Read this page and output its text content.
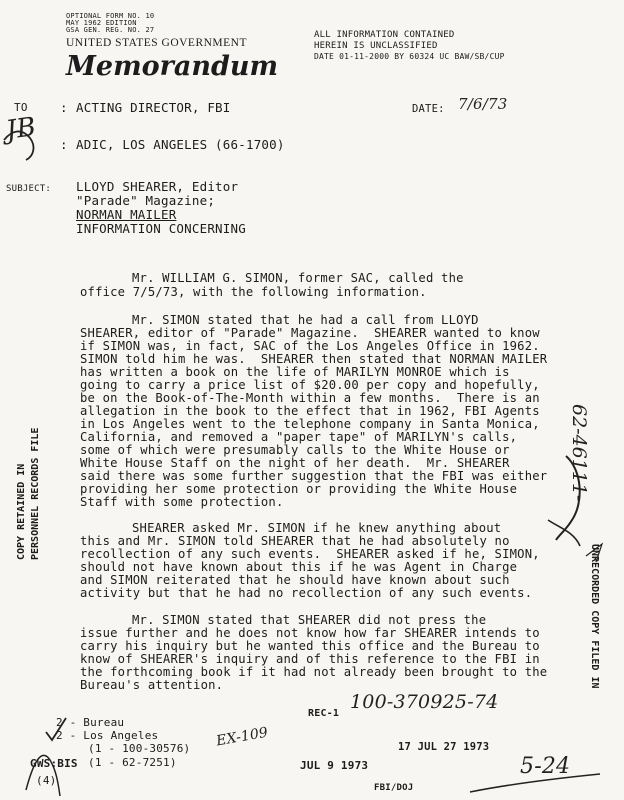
OPTIONAL FORM NO. 10
MAY 1962 EDITION
GSA GEN. REG. NO. 27
UNITED STATES GOVERNMENT
Memorandum
ALL INFORMATION CONTAINED
HEREIN IS UNCLASSIFIED
DATE 01-11-2000 BY 60324 UC BAW/SB/CUP
TO	: ACTING DIRECTOR, FBI	DATE: 7/6/73
: ADIC, LOS ANGELES (66-1700)
SUBJECT: LLOYD SHEARER, Editor
"Parade" Magazine;
NORMAN MAILER
INFORMATION CONCERNING
Mr. WILLIAM G. SIMON, former SAC, called the
office 7/5/73, with the following information.
Mr. SIMON stated that he had a call from LLOYD
SHEARER, editor of "Parade" Magazine.  SHEARER wanted to know
if SIMON was, in fact, SAC of the Los Angeles Office in 1962.
SIMON told him he was.  SHEARER then stated that NORMAN MAILER
has written a book on the life of MARILYN MONROE which is
going to carry a price list of $20.00 per copy and hopefully,
be on the Book-of-The-Month within a few months.  There is an
allegation in the book to the effect that in 1962, FBI Agents
in Los Angeles went to the telephone company in Santa Monica,
California, and removed a "paper tape" of MARILYN's calls,
some of which were presumably calls to the White House or
White House Staff on the night of her death.  Mr. SHEARER
said there was some further suggestion that the FBI was either
providing her some protection or providing the White House
Staff with some protection.
SHEARER asked Mr. SIMON if he knew anything about
this and Mr. SIMON told SHEARER that he had absolutely no
recollection of any such events.  SHEARER asked if he, SIMON,
should not have known about this if he was Agent in Charge
and SIMON reiterated that he should have known about such
activity but that he had no recollection of any such events.
Mr. SIMON stated that SHEARER did not press the
issue further and he does not know how far SHEARER intends to
carry his inquiry but he wanted this office and the Bureau to
know of SHEARER's inquiry and of this reference to the FBI in
the forthcoming book if it had not already been brought to the
Bureau's attention.
2 - Bureau
2 - Los Angeles
(1 - 100-30576)
(1 - 62-7251)
GWS:BIS
(4)
REC-1
100-370925-74
EX-109	17 JUL 27 1973
JUL 9 1973
FBI/DOJ
5-24
COPY RETAINED IN PERSONNEL RECORDS FILE
UNRECORDED COPY FILED IN
62-46111-
JB
